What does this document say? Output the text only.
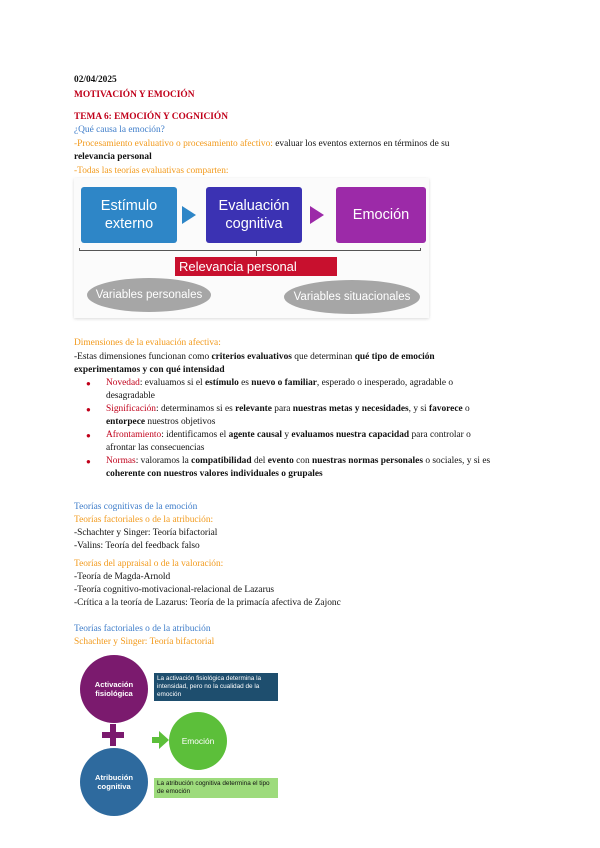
02/04/2025
MOTIVACIÓN Y EMOCIÓN
TEMA 6: EMOCIÓN Y COGNICIÓN
¿Qué causa la emoción?
-Procesamiento evaluativo o procesamiento afectivo: evaluar los eventos externos en términos de su
relevancia personal
-Todas las teorías evaluativas comparten:
Estímulo externo
Evaluación cognitiva
Emoción
Relevancia personal
Variables personales	Variables situacionales
Dimensiones de la evaluación afectiva:
-Estas dimensiones funcionan como criterios evaluativos que determinan qué tipo de emoción
experimentamos y con qué intensidad
● Novedad: evaluamos si el estímulo es nuevo o familiar, esperado o inesperado, agradable o
desagradable
● Significación: determinamos si es relevante para nuestras metas y necesidades, y si favorece o
entorpece nuestros objetivos
● Afrontamiento: identificamos el agente causal y evaluamos nuestra capacidad para controlar o
afrontar las consecuencias
● Normas: valoramos la compatibilidad del evento con nuestras normas personales o sociales, y si es
coherente con nuestros valores individuales o grupales
Teorías cognitivas de la emoción
Teorías factoriales o de la atribución:
-Schachter y Singer: Teoría bifactorial
-Valins: Teoría del feedback falso
Teorías del appraisal o de la valoración:
-Teoría de Magda-Arnold
-Teoría cognitivo-motivacional-relacional de Lazarus
-Crítica a la teoría de Lazarus: Teoría de la primacía afectiva de Zajonc
Teorías factoriales o de la atribución
Schachter y Singer: Teoría bifactorial
Activación fisiológica
Atribución cognitiva
Emoción
La activación fisiológica determina la intensidad, pero no la cualidad de la emoción
La atribución cognitiva determina el tipo de emoción
